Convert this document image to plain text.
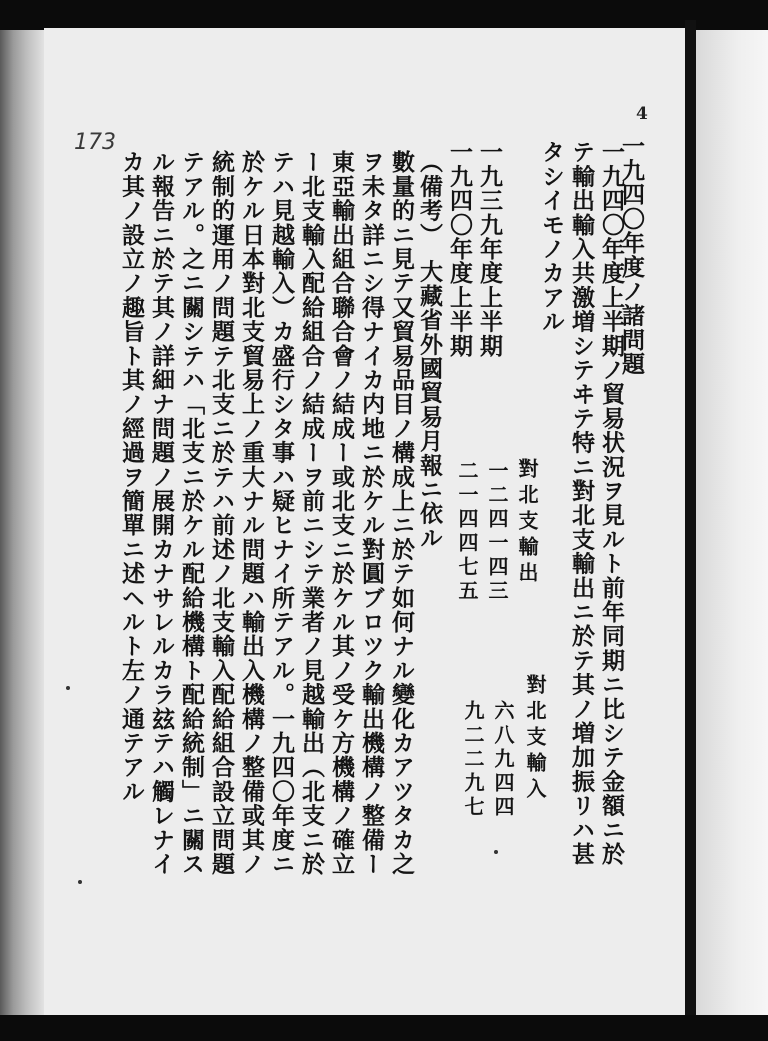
4
173	一九四〇年度ノ諸問題
一九四〇年度上半期ノ貿易状況ヲ見ルト前年同期ニ比シテ金額ニ於
テ輸出輸入共激増シテヰテ特ニ對北支輸出ニ於テ其ノ増加振リハ甚
タシイモノカアル
對北支輸出
一二四一四三
二一四四七五
對北支輸入
六八九四四
九二二九七
一九三九年度上半期
一九四〇年度上半期
（備考）　大藏省外國貿易月報ニ依ル
數量的ニ見テ又貿易品目ノ構成上ニ於テ如何ナル變化カアツタカ之
ヲ未タ詳ニシ得ナイカ内地ニ於ケル對圓ブロツク輸出機構ノ整備ー
東亞輸出組合聯合會ノ結成ー或北支ニ於ケル其ノ受ケ方機構ノ確立
ー北支輸入配給組合ノ結成ーヲ前ニシテ業者ノ見越輸出（北支ニ於
テハ見越輸入）カ盛行シタ事ハ疑ヒナイ所テアル。一九四〇年度ニ
於ケル日本對北支貿易上ノ重大ナル問題ハ輸出入機構ノ整備或其ノ
統制的運用ノ問題テ北支ニ於テハ前述ノ北支輸入配給組合設立問題
テアル。之ニ關シテハ「北支ニ於ケル配給機構ト配給統制」ニ關ス
ル報告ニ於テ其ノ詳細ナ問題ノ展開カナサレルカラ玆テハ觸レナイ
カ其ノ設立ノ趣旨ト其ノ經過ヲ簡單ニ述ヘルト左ノ通テアル
